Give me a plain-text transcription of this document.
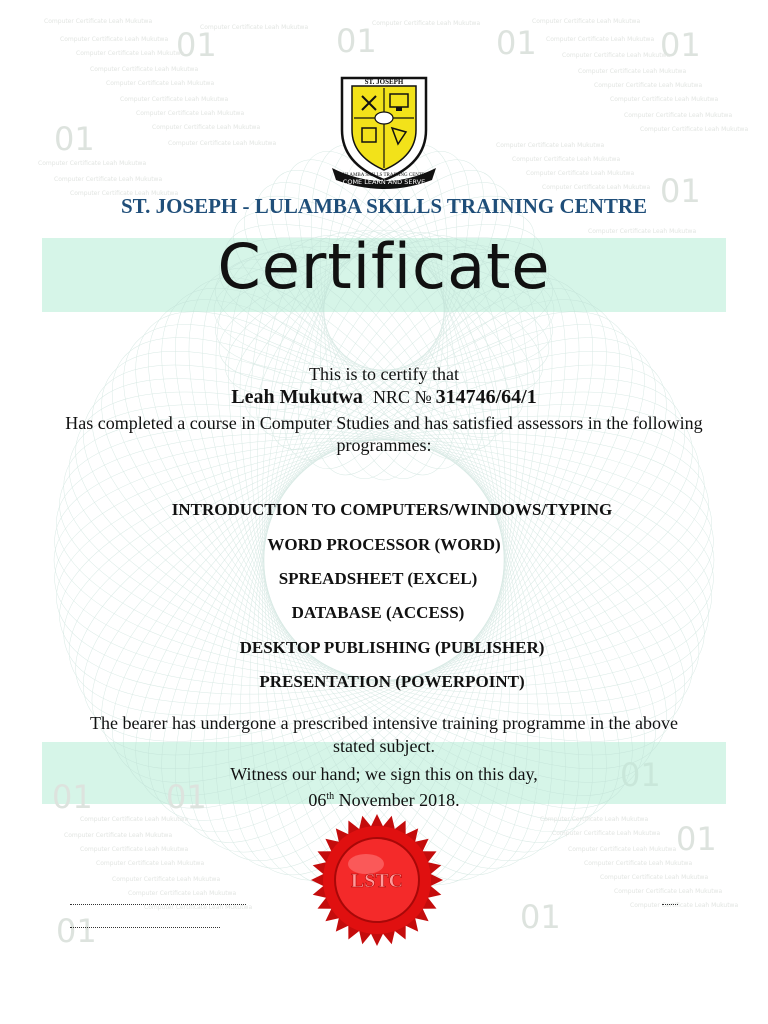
01	01	01	01
01
01
01 01
01
01
01
01
Computer Certificate Leah Mukutwa
Computer Certificate Leah Mukutwa
Computer Certificate Leah Mukutwa	Computer Certificate Leah Mukutwa
Computer Certificate Leah Mukutwa	Computer Certificate Leah Mukutwa
Computer Certificate Leah Mukutwa	Computer Certificate Leah Mukutwa
Computer Certificate Leah Mukutwa	Computer Certificate Leah Mukutwa
Computer Certificate Leah Mukutwa	Computer Certificate Leah Mukutwa
Computer Certificate Leah Mukutwa	Computer Certificate Leah Mukutwa
Computer Certificate Leah Mukutwa	Computer Certificate Leah Mukutwa
Computer Certificate Leah Mukutwa	Computer Certificate Leah Mukutwa
Computer Certificate Leah Mukutwa	Computer Certificate Leah Mukutwa
Computer Certificate Leah Mukutwa
Computer Certificate Leah Mukutwa
Computer Certificate Leah Mukutwa
Computer Certificate Leah Mukutwa
Computer Certificate Leah Mukutwa
Computer Certificate Leah Mukutwa
Computer Certificate Leah Mukutwa
Computer Certificate Leah Mukutwa	Computer Certificate Leah Mukutwa
Computer Certificate Leah Mukutwa	Computer Certificate Leah Mukutwa
Computer Certificate Leah Mukutwa	Computer Certificate Leah Mukutwa
Computer Certificate Leah Mukutwa	Computer Certificate Leah Mukutwa
Computer Certificate Leah Mukutwa	Computer Certificate Leah Mukutwa
Computer Certificate Leah Mukutwa	Computer Certificate Leah Mukutwa
Computer Certificate Leah Mukutwa	Computer Certificate Leah Mukutwa
COME LEARN AND SERVE
ST. JOSEPH
LULAMBA SKILLS TRAINING CENTRE
ST. JOSEPH - LULAMBA SKILLS TRAINING CENTRE
Certificate
This is to certify that
Leah Mukutwa NRC № 314746/64/1
Has completed a course in Computer Studies and has satisfied assessors in the following programmes:
INTRODUCTION TO COMPUTERS/WINDOWS/TYPING
WORD PROCESSOR (WORD)
SPREADSHEET (EXCEL)
DATABASE (ACCESS)
DESKTOP PUBLISHING (PUBLISHER)
PRESENTATION (POWERPOINT)
The bearer has undergone a prescribed intensive training programme in the above stated subject.
Witness our hand; we sign this on this day,
06th November 2018.
LSTC
